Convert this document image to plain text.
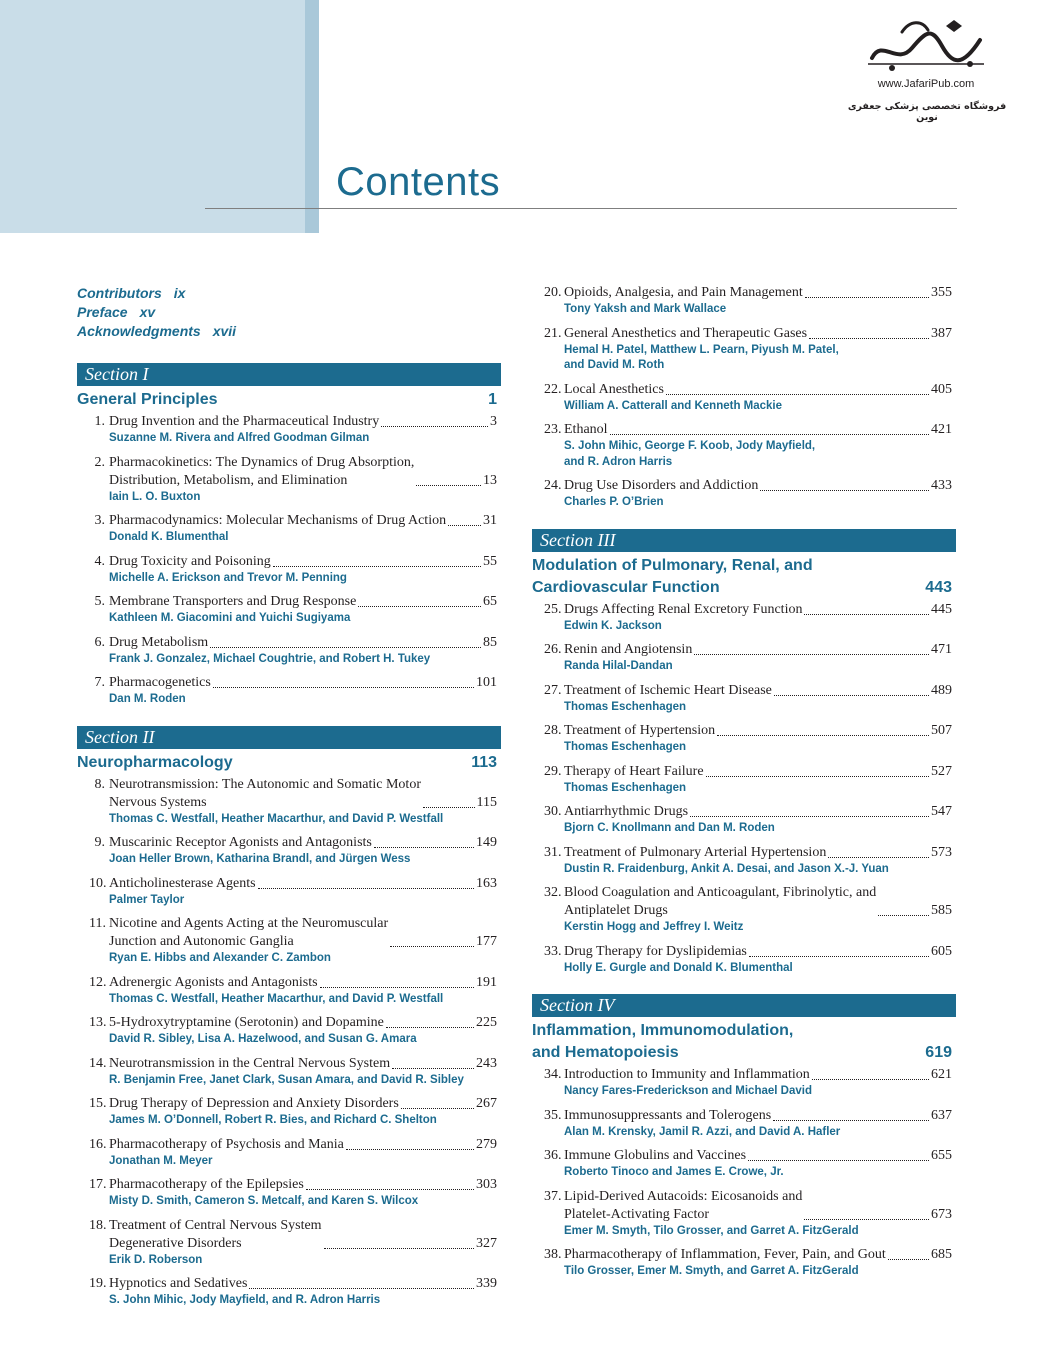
www.JafariPub.com
فروشگاه تخصصی پزشکی جعفری نوین
Contents
Contributors ix
Preface xv
Acknowledgments xvii
Section I
General Principles	1
1. Drug Invention and the Pharmaceutical Industry	3
Suzanne M. Rivera and Alfred Goodman Gilman
2. Pharmacokinetics: The Dynamics of Drug Absorption,
Distribution, Metabolism, and Elimination	13
Iain L. O. Buxton
3. Pharmacodynamics: Molecular Mechanisms of Drug Action	31
Donald K. Blumenthal
4. Drug Toxicity and Poisoning	55
Michelle A. Erickson and Trevor M. Penning
5. Membrane Transporters and Drug Response	65
Kathleen M. Giacomini and Yuichi Sugiyama
6. Drug Metabolism	85
Frank J. Gonzalez, Michael Coughtrie, and Robert H. Tukey
7. Pharmacogenetics	101
Dan M. Roden
Section II
Neuropharmacology	113
8. Neurotransmission: The Autonomic and Somatic Motor
Nervous Systems	115
Thomas C. Westfall, Heather Macarthur, and David P. Westfall
9. Muscarinic Receptor Agonists and Antagonists	149
Joan Heller Brown, Katharina Brandl, and Jürgen Wess
10. Anticholinesterase Agents	163
Palmer Taylor
11. Nicotine and Agents Acting at the Neuromuscular
Junction and Autonomic Ganglia	177
Ryan E. Hibbs and Alexander C. Zambon
12. Adrenergic Agonists and Antagonists	191
Thomas C. Westfall, Heather Macarthur, and David P. Westfall
13. 5-Hydroxytryptamine (Serotonin) and Dopamine	225
David R. Sibley, Lisa A. Hazelwood, and Susan G. Amara
14. Neurotransmission in the Central Nervous System	243
R. Benjamin Free, Janet Clark, Susan Amara, and David R. Sibley
15. Drug Therapy of Depression and Anxiety Disorders	267
James M. O’Donnell, Robert R. Bies, and Richard C. Shelton
16. Pharmacotherapy of Psychosis and Mania	279
Jonathan M. Meyer
17. Pharmacotherapy of the Epilepsies	303
Misty D. Smith, Cameron S. Metcalf, and Karen S. Wilcox
18. Treatment of Central Nervous System
Degenerative Disorders	327
Erik D. Roberson
19. Hypnotics and Sedatives	339
S. John Mihic, Jody Mayfield, and R. Adron Harris
20. Opioids, Analgesia, and Pain Management	355
Tony Yaksh and Mark Wallace
21. General Anesthetics and Therapeutic Gases	387
Hemal H. Patel, Matthew L. Pearn, Piyush M. Patel,
and David M. Roth
22. Local Anesthetics	405
William A. Catterall and Kenneth Mackie
23. Ethanol	421
S. John Mihic, George F. Koob, Jody Mayfield,
and R. Adron Harris
24. Drug Use Disorders and Addiction	433
Charles P. O’Brien
Section III
Modulation of Pulmonary, Renal, and
Cardiovascular Function	443
25. Drugs Affecting Renal Excretory Function	445
Edwin K. Jackson
26. Renin and Angiotensin	471
Randa Hilal-Dandan
27. Treatment of Ischemic Heart Disease	489
Thomas Eschenhagen
28. Treatment of Hypertension	507
Thomas Eschenhagen
29. Therapy of Heart Failure	527
Thomas Eschenhagen
30. Antiarrhythmic Drugs	547
Bjorn C. Knollmann and Dan M. Roden
31. Treatment of Pulmonary Arterial Hypertension	573
Dustin R. Fraidenburg, Ankit A. Desai, and Jason X.-J. Yuan
32. Blood Coagulation and Anticoagulant, Fibrinolytic, and
Antiplatelet Drugs	585
Kerstin Hogg and Jeffrey I. Weitz
33. Drug Therapy for Dyslipidemias	605
Holly E. Gurgle and Donald K. Blumenthal
Section IV
Inflammation, Immunomodulation,
and Hematopoiesis	619
34. Introduction to Immunity and Inflammation	621
Nancy Fares-Frederickson and Michael David
35. Immunosuppressants and Tolerogens	637
Alan M. Krensky, Jamil R. Azzi, and David A. Hafler
36. Immune Globulins and Vaccines	655
Roberto Tinoco and James E. Crowe, Jr.
37. Lipid-Derived Autacoids: Eicosanoids and
Platelet-Activating Factor	673
Emer M. Smyth, Tilo Grosser, and Garret A. FitzGerald
38. Pharmacotherapy of Inflammation, Fever, Pain, and Gout	685
Tilo Grosser, Emer M. Smyth, and Garret A. FitzGerald
